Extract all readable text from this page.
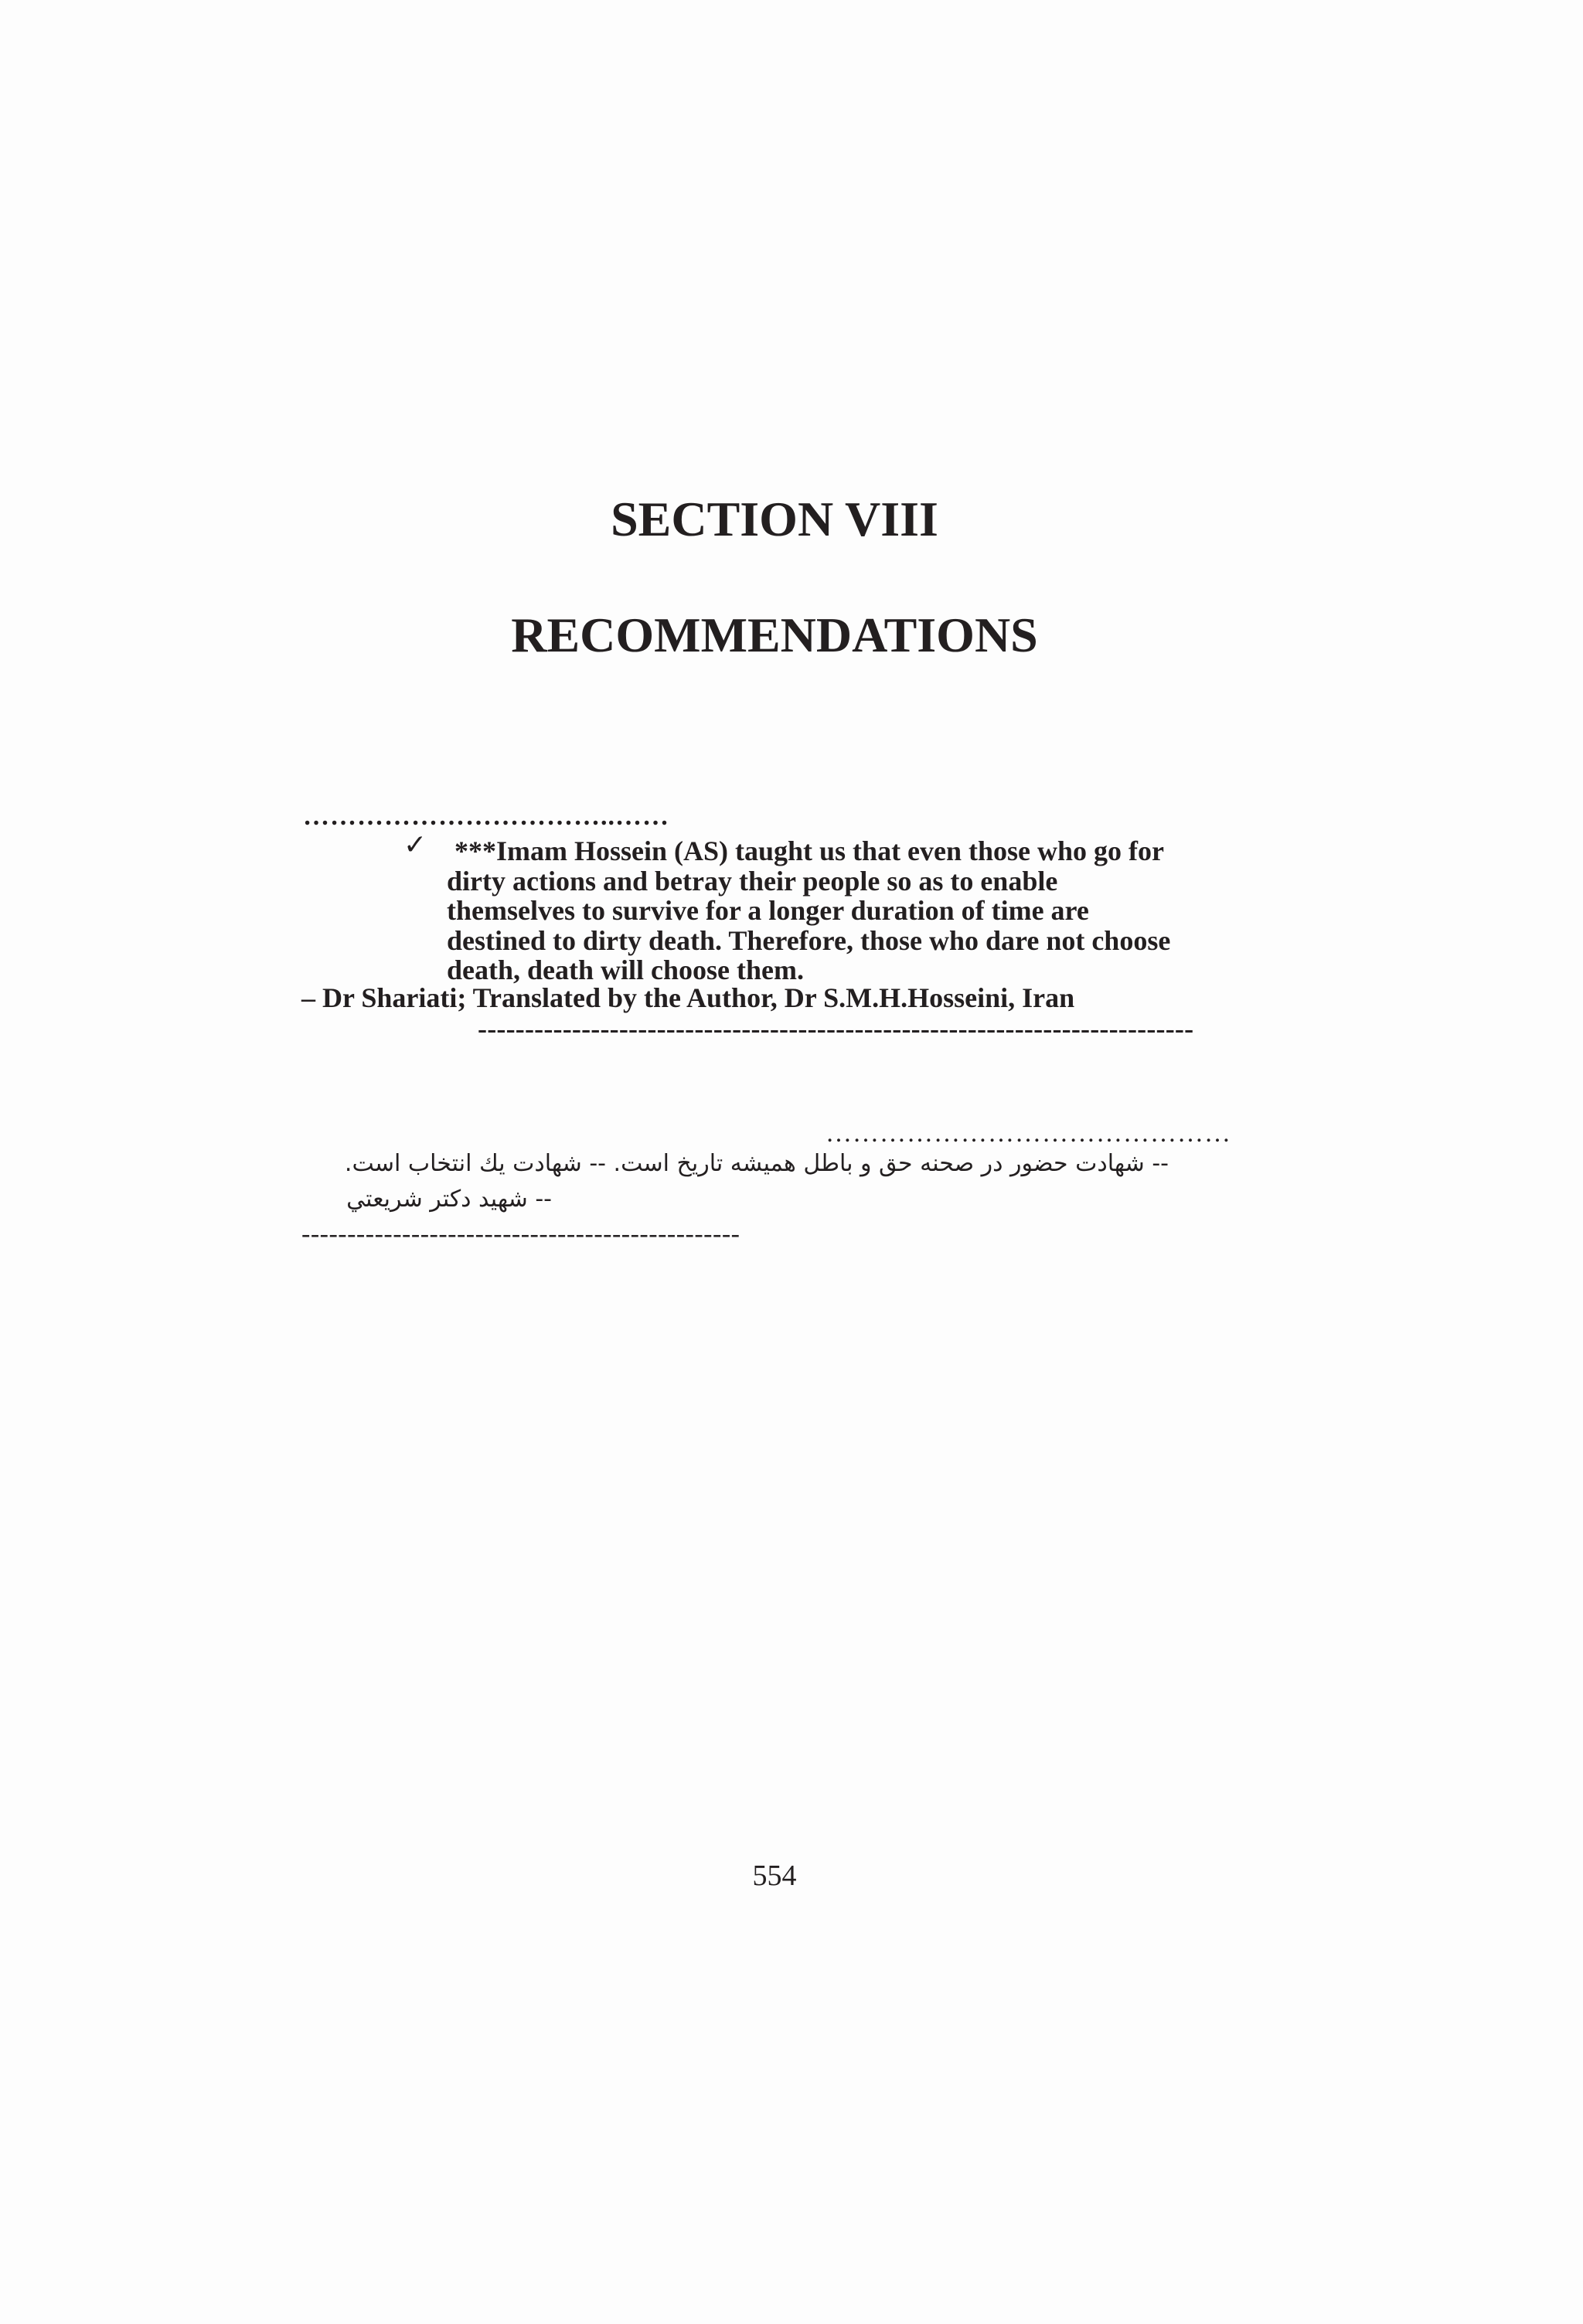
SECTION VIII
RECOMMENDATIONS
……………………………..……
✓ ***Imam Hossein (AS) taught us that even those who go for
dirty actions and betray their people so as to enable
themselves to survive for a longer duration of time are
destined to dirty death. Therefore, those who dare not choose
death, death will choose them.
– Dr Shariati; Translated by the Author, Dr S.M.H.Hosseini, Iran
----------------------------------------------------------------------------
………………………………………
-- شهادت حضور در صحنه حق و باطل هميشه تاريخ است. -- شهادت يك انتخاب است.
-- شهيد دكتر شريعتي
------------------------------------------------
554
